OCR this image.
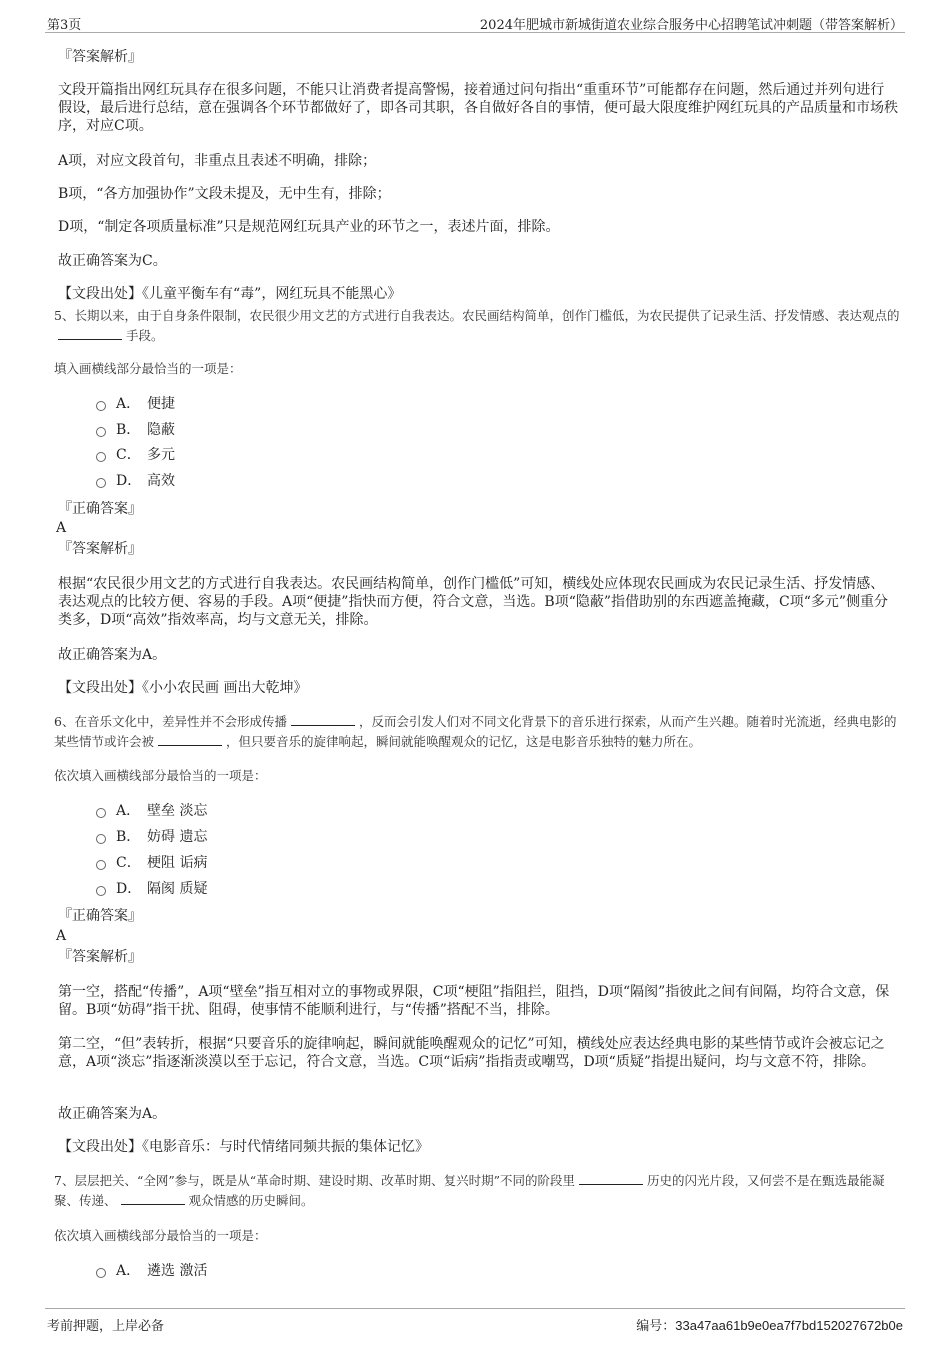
第3页	2024年肥城市新城街道农业综合服务中心招聘笔试冲刺题（带答案解析）
『答案解析』
文段开篇指出网红玩具存在很多问题，不能只让消费者提高警惕，接着通过问句指出“重重环节”可能都存在问题，然后通过并列句进行假设，最后进行总结，意在强调各个环节都做好了，即各司其职，各自做好各自的事情，便可最大限度维护网红玩具的产品质量和市场秩序，对应C项。
A项，对应文段首句，非重点且表述不明确，排除；
B项，“各方加强协作”文段未提及，无中生有，排除；
D项，“制定各项质量标准”只是规范网红玩具产业的环节之一，表述片面，排除。
故正确答案为C。
【文段出处】《儿童平衡车有“毒”，网红玩具不能黑心》
5、长期以来，由于自身条件限制，农民很少用文艺的方式进行自我表达。农民画结构简单，创作门槛低，为农民提供了记录生活、抒发情感、表达观点的手段。
填入画横线部分最恰当的一项是：
A． 便捷
B． 隐蔽
C． 多元
D． 高效
『正确答案』
A
『答案解析』
根据“农民很少用文艺的方式进行自我表达。农民画结构简单，创作门槛低”可知，横线处应体现农民画成为农民记录生活、抒发情感、表达观点的比较方便、容易的手段。A项“便捷”指快而方便，符合文意，当选。B项“隐蔽”指借助别的东西遮盖掩藏，C项“多元”侧重分类多，D项“高效”指效率高，均与文意无关，排除。
故正确答案为A。
【文段出处】《小小农民画 画出大乾坤》
6、在音乐文化中，差异性并不会形成传播	，反而会引发人们对不同文化背景下的音乐进行探索，从而产生兴趣。随着时光流逝，经典电影的某些情节或许会被	，但只要音乐的旋律响起，瞬间就能唤醒观众的记忆，这是电影音乐独特的魅力所在。
依次填入画横线部分最恰当的一项是：
A． 壁垒 淡忘
B． 妨碍 遗忘
C． 梗阻 诟病
D． 隔阂 质疑
『正确答案』
A
『答案解析』
第一空，搭配“传播”，A项“壁垒”指互相对立的事物或界限，C项“梗阻”指阻拦，阻挡，D项“隔阂”指彼此之间有间隔，均符合文意，保留。B项“妨碍”指干扰、阻碍，使事情不能顺利进行，与“传播”搭配不当，排除。
第二空，“但”表转折，根据“只要音乐的旋律响起，瞬间就能唤醒观众的记忆”可知，横线处应表达经典电影的某些情节或许会被忘记之意，A项“淡忘”指逐渐淡漠以至于忘记，符合文意，当选。C项“诟病”指指责或嘲骂，D项“质疑”指提出疑问，均与文意不符，排除。
故正确答案为A。
【文段出处】《电影音乐：与时代情绪同频共振的集体记忆》
7、层层把关、“全网”参与，既是从“革命时期、建设时期、改革时期、复兴时期”不同的阶段里	历史的闪光片段，又何尝不是在甄选最能凝聚、传递、	观众情感的历史瞬间。
依次填入画横线部分最恰当的一项是：
A． 遴选 激活
考前押题，上岸必备	编号：33a47aa61b9e0ea7f7bd152027672b0e
